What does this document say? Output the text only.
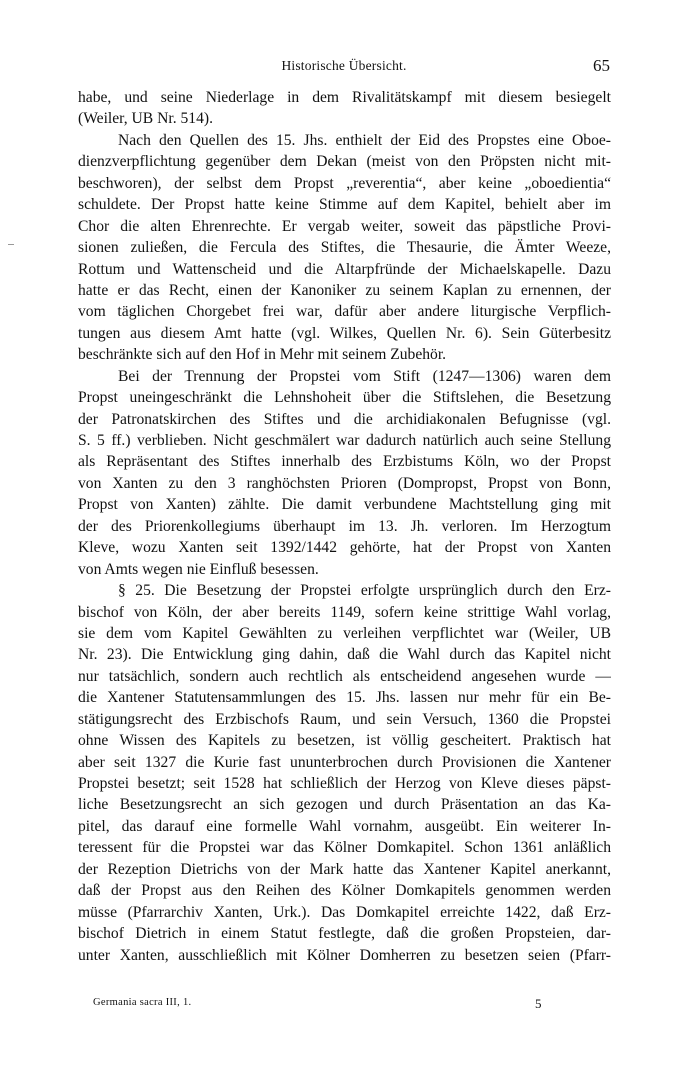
Historische Übersicht.	65
habe, und seine Niederlage in dem Rivalitätskampf mit diesem besiegelt
(Weiler, UB Nr. 514).
Nach den Quellen des 15. Jhs. enthielt der Eid des Propstes eine Oboe-
dienzverpflichtung gegenüber dem Dekan (meist von den Pröpsten nicht mit-
beschworen), der selbst dem Propst „reverentia“, aber keine „oboedientia“
schuldete. Der Propst hatte keine Stimme auf dem Kapitel, behielt aber im
Chor die alten Ehrenrechte. Er vergab weiter, soweit das päpstliche Provi-
sionen zuließen, die Fercula des Stiftes, die Thesaurie, die Ämter Weeze,
Rottum und Wattenscheid und die Altarpfründe der Michaelskapelle. Dazu
hatte er das Recht, einen der Kanoniker zu seinem Kaplan zu ernennen, der
vom täglichen Chorgebet frei war, dafür aber andere liturgische Verpflich-
tungen aus diesem Amt hatte (vgl. Wilkes, Quellen Nr. 6). Sein Güterbesitz
beschränkte sich auf den Hof in Mehr mit seinem Zubehör.
Bei der Trennung der Propstei vom Stift (1247—1306) waren dem
Propst uneingeschränkt die Lehnshoheit über die Stiftslehen, die Besetzung
der Patronatskirchen des Stiftes und die archidiakonalen Befugnisse (vgl.
S. 5 ff.) verblieben. Nicht geschmälert war dadurch natürlich auch seine Stellung
als Repräsentant des Stiftes innerhalb des Erzbistums Köln, wo der Propst
von Xanten zu den 3 ranghöchsten Prioren (Dompropst, Propst von Bonn,
Propst von Xanten) zählte. Die damit verbundene Machtstellung ging mit
der des Priorenkollegiums überhaupt im 13. Jh. verloren. Im Herzogtum
Kleve, wozu Xanten seit 1392/1442 gehörte, hat der Propst von Xanten
von Amts wegen nie Einfluß besessen.
§ 25. Die Besetzung der Propstei erfolgte ursprünglich durch den Erz-
bischof von Köln, der aber bereits 1149, sofern keine strittige Wahl vorlag,
sie dem vom Kapitel Gewählten zu verleihen verpflichtet war (Weiler, UB
Nr. 23). Die Entwicklung ging dahin, daß die Wahl durch das Kapitel nicht
nur tatsächlich, sondern auch rechtlich als entscheidend angesehen wurde —
die Xantener Statutensammlungen des 15. Jhs. lassen nur mehr für ein Be-
stätigungsrecht des Erzbischofs Raum, und sein Versuch, 1360 die Propstei
ohne Wissen des Kapitels zu besetzen, ist völlig gescheitert. Praktisch hat
aber seit 1327 die Kurie fast ununterbrochen durch Provisionen die Xantener
Propstei besetzt; seit 1528 hat schließlich der Herzog von Kleve dieses päpst-
liche Besetzungsrecht an sich gezogen und durch Präsentation an das Ka-
pitel, das darauf eine formelle Wahl vornahm, ausgeübt. Ein weiterer In-
teressent für die Propstei war das Kölner Domkapitel. Schon 1361 anläßlich
der Rezeption Dietrichs von der Mark hatte das Xantener Kapitel anerkannt,
daß der Propst aus den Reihen des Kölner Domkapitels genommen werden
müsse (Pfarrarchiv Xanten, Urk.). Das Domkapitel erreichte 1422, daß Erz-
bischof Dietrich in einem Statut festlegte, daß die großen Propsteien, dar-
unter Xanten, ausschließlich mit Kölner Domherren zu besetzen seien (Pfarr-
Germania sacra III, 1.	5
